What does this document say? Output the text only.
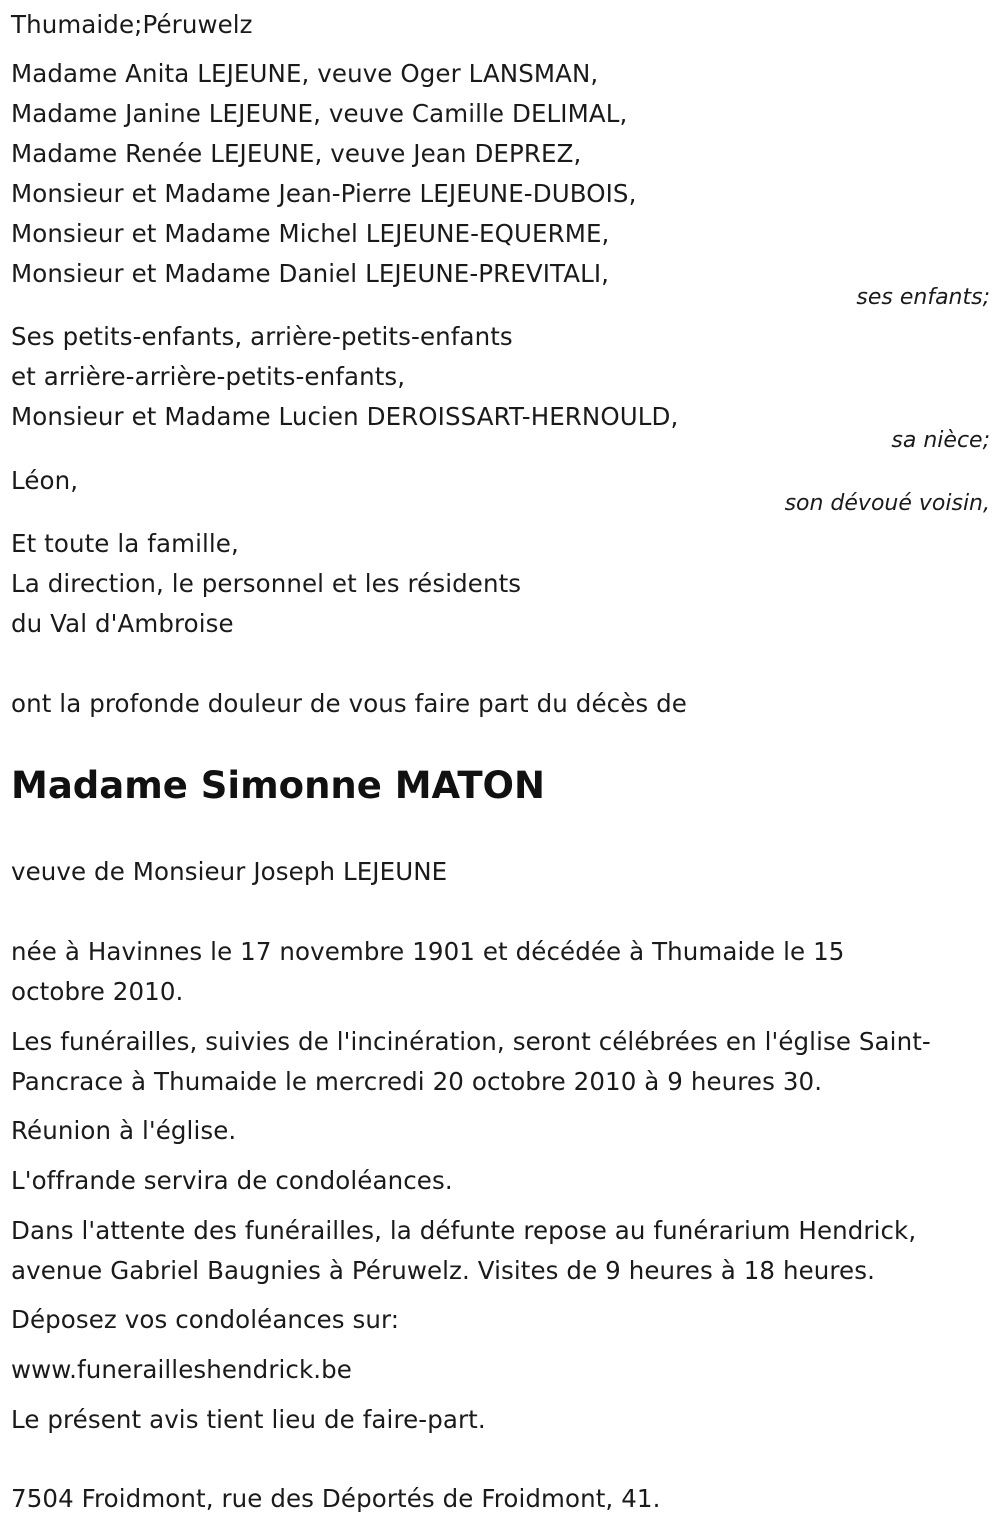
Thumaide;Péruwelz
Madame Anita LEJEUNE, veuve Oger LANSMAN,
Madame Janine LEJEUNE, veuve Camille DELIMAL,
Madame Renée LEJEUNE, veuve Jean DEPREZ,
Monsieur et Madame Jean-Pierre LEJEUNE-DUBOIS,
Monsieur et Madame Michel LEJEUNE-EQUERME,
Monsieur et Madame Daniel LEJEUNE-PREVITALI,
ses enfants;
Ses petits-enfants, arrière-petits-enfants
et arrière-arrière-petits-enfants,
Monsieur et Madame Lucien DEROISSART-HERNOULD,
sa nièce;
Léon,
son dévoué voisin,
Et toute la famille,
La direction, le personnel et les résidents
du Val d'Ambroise
ont la profonde douleur de vous faire part du décès de
Madame Simonne MATON
veuve de Monsieur Joseph LEJEUNE
née à Havinnes le 17 novembre 1901 et décédée à Thumaide le 15
octobre 2010.
Les funérailles, suivies de l'incinération, seront célébrées en l'église Saint-
Pancrace à Thumaide le mercredi 20 octobre 2010 à 9 heures 30.
Réunion à l'église.
L'offrande servira de condoléances.
Dans l'attente des funérailles, la défunte repose au funérarium Hendrick,
avenue Gabriel Baugnies à Péruwelz. Visites de 9 heures à 18 heures.
Déposez vos condoléances sur:
www.funerailleshendrick.be
Le présent avis tient lieu de faire-part.
7504 Froidmont, rue des Déportés de Froidmont, 41.
